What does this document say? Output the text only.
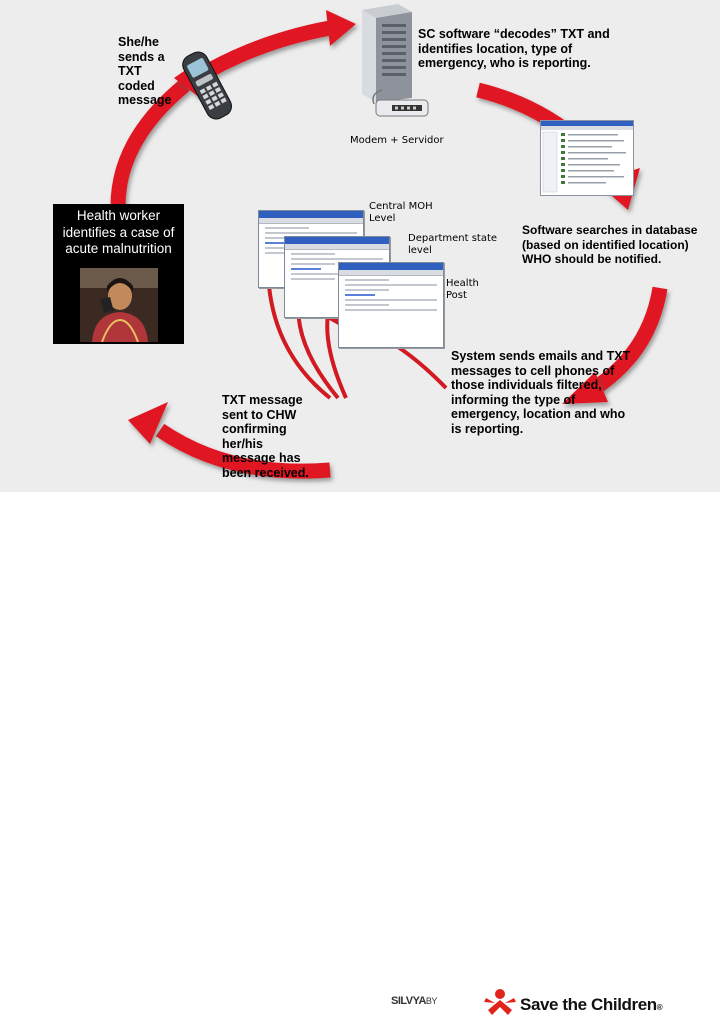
Health worker
identifies a case of
acute malnutrition
She/he
sends a
TXT
coded
message
SC software “decodes” TXT and
identifies location, type of
emergency, who is reporting.
Modem + Servidor
Central MOH
Level
Department state
level
Health
Post
Software searches in database
(based on identified location)
WHO should be notified.
System sends emails and TXT
messages to cell phones of
those individuals filtered,
informing the type of
emergency, location and who
is reporting.
TXT message
sent to CHW
confirming
her/his
message has
been received.
SILVYABY	Save the Children®
